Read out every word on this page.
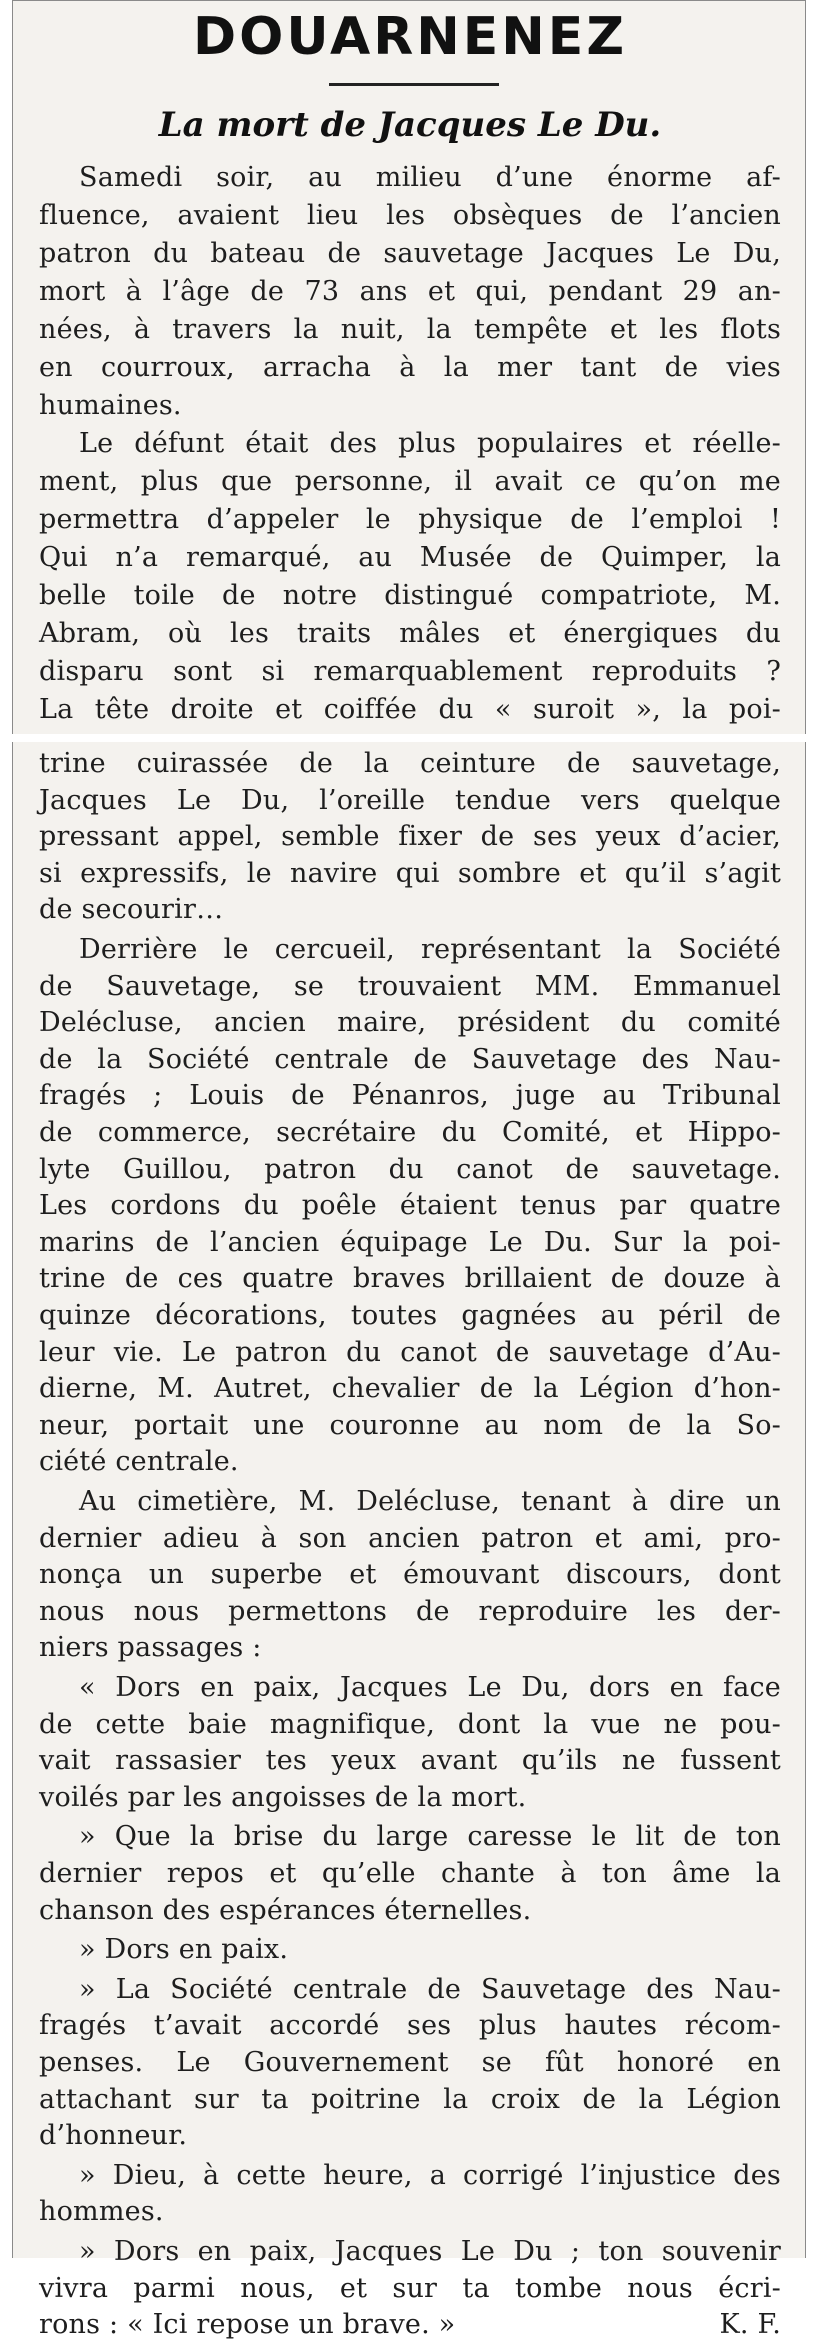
DOUARNENEZ
La mort de Jacques Le Du.
Samedi soir, au milieu d’une énorme af-
fluence, avaient lieu les obsèques de l’ancien
patron du bateau de sauvetage Jacques Le Du,
mort à l’âge de 73 ans et qui, pendant 29 an-
nées, à travers la nuit, la tempête et les flots
en courroux, arracha à la mer tant de vies
humaines.
Le défunt était des plus populaires et réelle-
ment, plus que personne, il avait ce qu’on me
permettra d’appeler le physique de l’emploi !
Qui n’a remarqué, au Musée de Quimper, la
belle toile de notre distingué compatriote, M.
Abram, où les traits mâles et énergiques du
disparu sont si remarquablement reproduits ?
La tête droite et coiffée du « suroit », la poi-
trine cuirassée de la ceinture de sauvetage,
Jacques Le Du, l’oreille tendue vers quelque
pressant appel, semble fixer de ses yeux d’acier,
si expressifs, le navire qui sombre et qu’il s’agit
de secourir…
Derrière le cercueil, représentant la Société
de Sauvetage, se trouvaient MM. Emmanuel
Delécluse, ancien maire, président du comité
de la Société centrale de Sauvetage des Nau-
fragés ; Louis de Pénanros, juge au Tribunal
de commerce, secrétaire du Comité, et Hippo-
lyte Guillou, patron du canot de sauvetage.
Les cordons du poêle étaient tenus par quatre
marins de l’ancien équipage Le Du. Sur la poi-
trine de ces quatre braves brillaient de douze à
quinze décorations, toutes gagnées au péril de
leur vie. Le patron du canot de sauvetage d’Au-
dierne, M. Autret, chevalier de la Légion d’hon-
neur, portait une couronne au nom de la So-
ciété centrale.
Au cimetière, M. Delécluse, tenant à dire un
dernier adieu à son ancien patron et ami, pro-
nonça un superbe et émouvant discours, dont
nous nous permettons de reproduire les der-
niers passages :
« Dors en paix, Jacques Le Du, dors en face
de cette baie magnifique, dont la vue ne pou-
vait rassasier tes yeux avant qu’ils ne fussent
voilés par les angoisses de la mort.
» Que la brise du large caresse le lit de ton
dernier repos et qu’elle chante à ton âme la
chanson des espérances éternelles.
» Dors en paix.
» La Société centrale de Sauvetage des Nau-
fragés t’avait accordé ses plus hautes récom-
penses. Le Gouvernement se fût honoré en
attachant sur ta poitrine la croix de la Légion
d’honneur.
» Dieu, à cette heure, a corrigé l’injustice des
hommes.
» Dors en paix, Jacques Le Du ; ton souvenir
vivra parmi nous, et sur ta tombe nous écri-
rons : « Ici repose un brave. »	K. F.
